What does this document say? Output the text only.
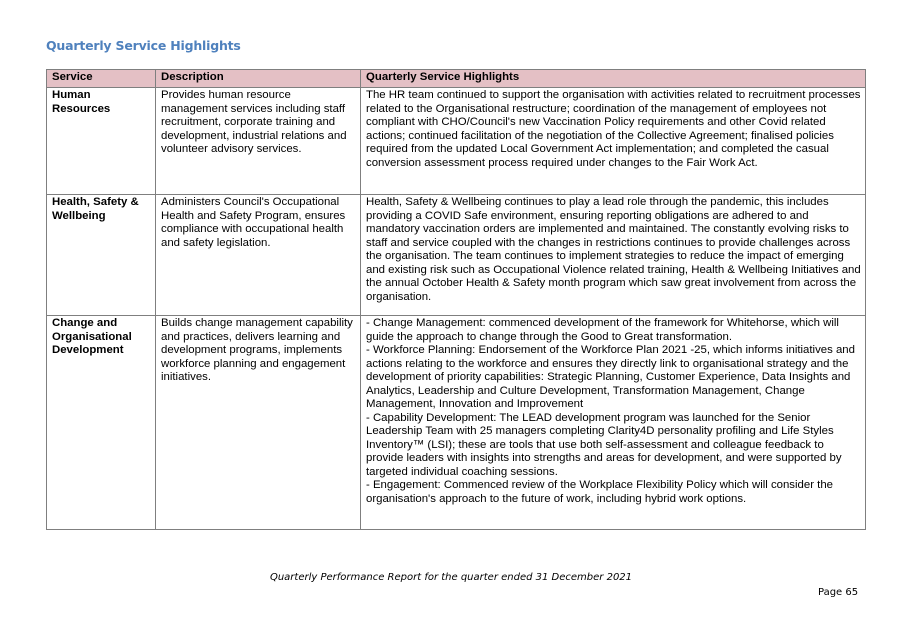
Quarterly Service Highlights
Service	Description	Quarterly Service Highlights
Human Resources	Provides human resource management services including staff recruitment, corporate training and development, industrial relations and volunteer advisory services.	The HR team continued to support the organisation with activities related to recruitment processes related to the Organisational restructure; coordination of the management of employees not compliant with CHO/Council's new Vaccination Policy requirements and other Covid related actions; continued facilitation of the negotiation of the Collective Agreement; finalised policies required from the updated Local Government Act implementation; and completed the casual conversion assessment process required under changes to the Fair Work Act.

Health, Safety & Wellbeing	Administers Council's Occupational Health and Safety Program, ensures compliance with occupational health and safety legislation.	Health, Safety & Wellbeing continues to play a lead role through the pandemic, this includes providing a COVID Safe environment, ensuring reporting obligations are adhered to and mandatory vaccination orders are implemented and maintained. The constantly evolving risks to staff and service coupled with the changes in restrictions continues to provide challenges across the organisation. The team continues to implement strategies to reduce the impact of emerging and existing risk such as Occupational Violence related training, Health & Wellbeing Initiatives and the annual October Health & Safety month program which saw great involvement from across the organisation.

Change and Organisational Development	Builds change management capability and practices, delivers learning and development programs, implements workforce planning and engagement initiatives.	- Change Management: commenced development of the framework for Whitehorse, which will guide the approach to change through the Good to Great transformation.
- Workforce Planning: Endorsement of the Workforce Plan 2021 -25, which informs initiatives and actions relating to the workforce and ensures they directly link to organisational strategy and the development of priority capabilities: Strategic Planning, Customer Experience, Data Insights and Analytics, Leadership and Culture Development, Transformation Management, Change Management, Innovation and Improvement
- Capability Development: The LEAD development program was launched for the Senior Leadership Team with 25 managers completing Clarity4D personality profiling and Life Styles Inventory™ (LSI); these are tools that use both self-assessment and colleague feedback to provide leaders with insights into strengths and areas for development, and were supported by targeted individual coaching sessions.
- Engagement: Commenced review of the Workplace Flexibility Policy which will consider the organisation's approach to the future of work, including hybrid work options.
Quarterly Performance Report for the quarter ended 31 December 2021
Page 65
